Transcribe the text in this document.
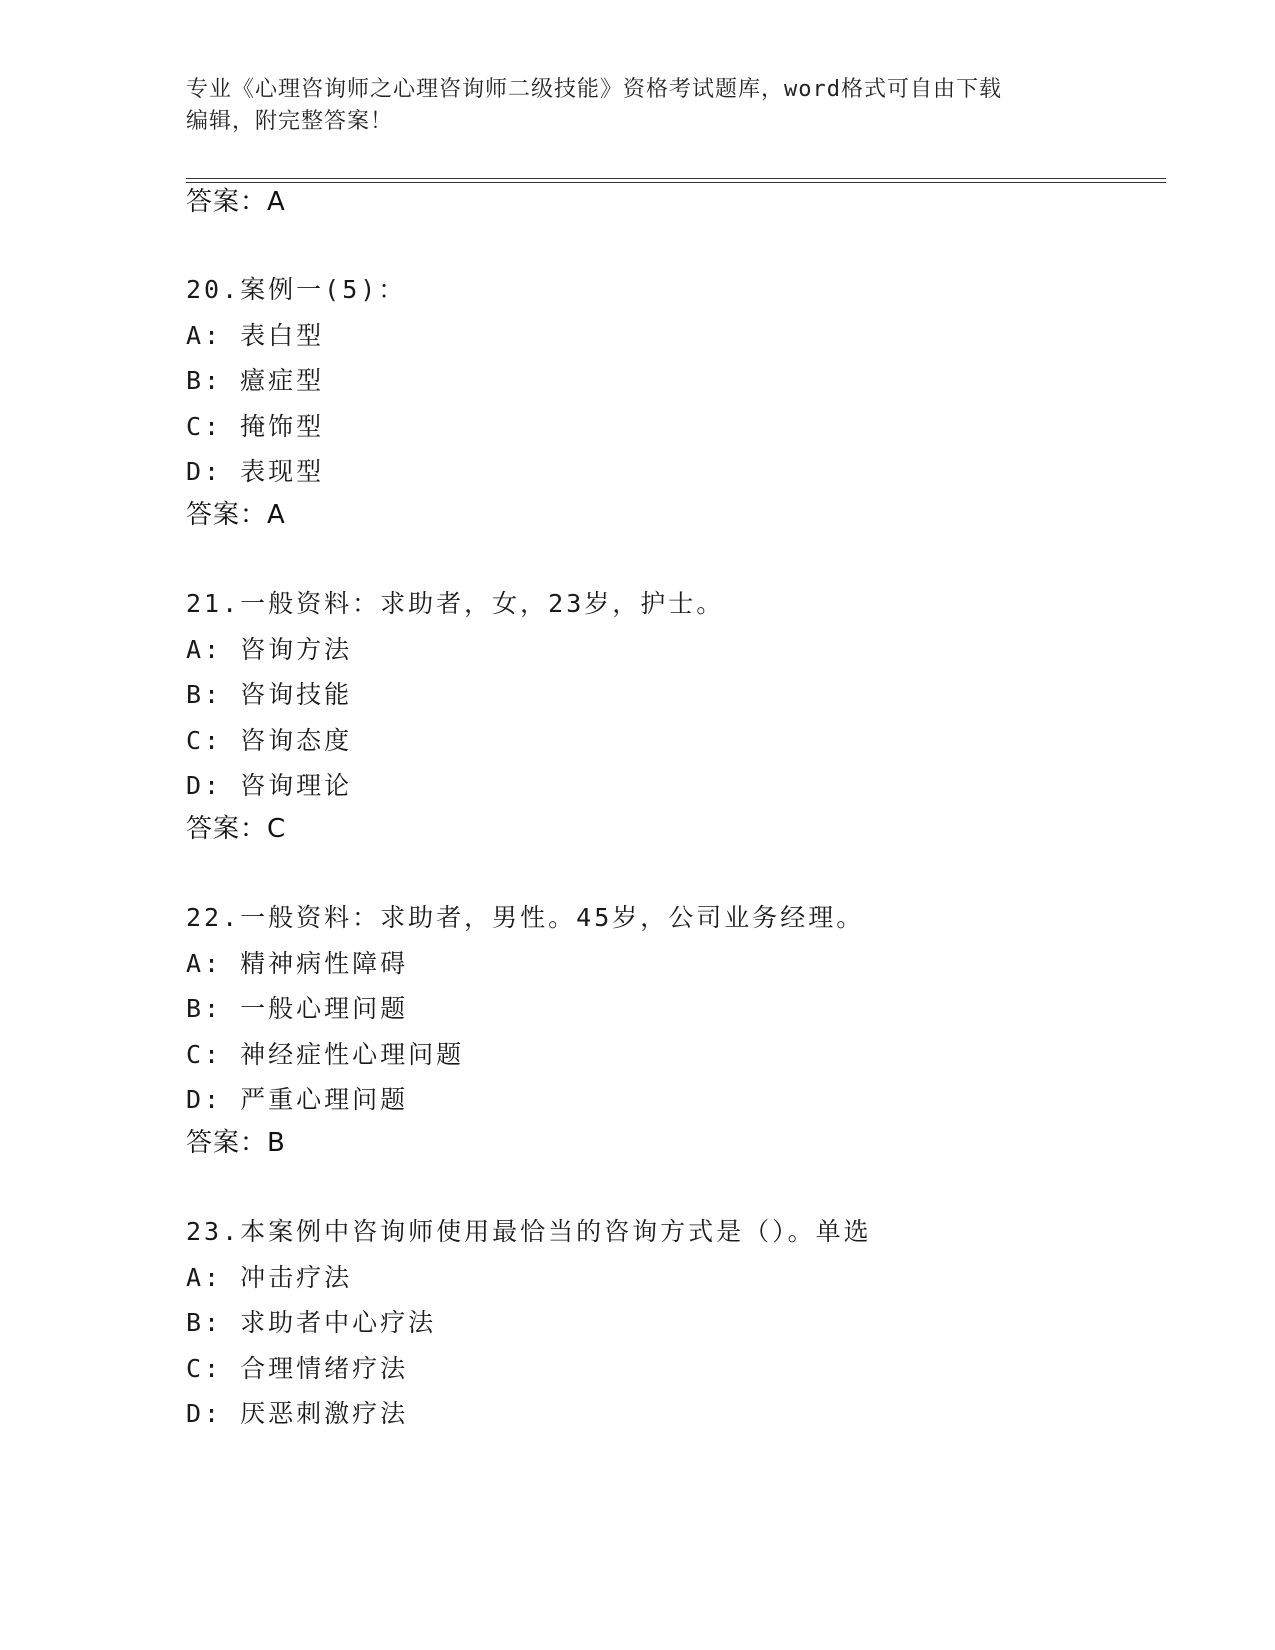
专业《心理咨询师之心理咨询师二级技能》资格考试题库，word格式可自由下载
编辑，附完整答案！
答案：A
20.案例一(5)：
A: 表白型
B: 癔症型
C: 掩饰型
D: 表现型
答案：A
21.一般资料：求助者，女，23岁，护士。
A: 咨询方法
B: 咨询技能
C: 咨询态度
D: 咨询理论
答案：C
22.一般资料：求助者，男性。45岁，公司业务经理。
A: 精神病性障碍
B: 一般心理问题
C: 神经症性心理问题
D: 严重心理问题
答案：B
23.本案例中咨询师使用最恰当的咨询方式是（）。单选
A: 冲击疗法
B: 求助者中心疗法
C: 合理情绪疗法
D: 厌恶刺激疗法
